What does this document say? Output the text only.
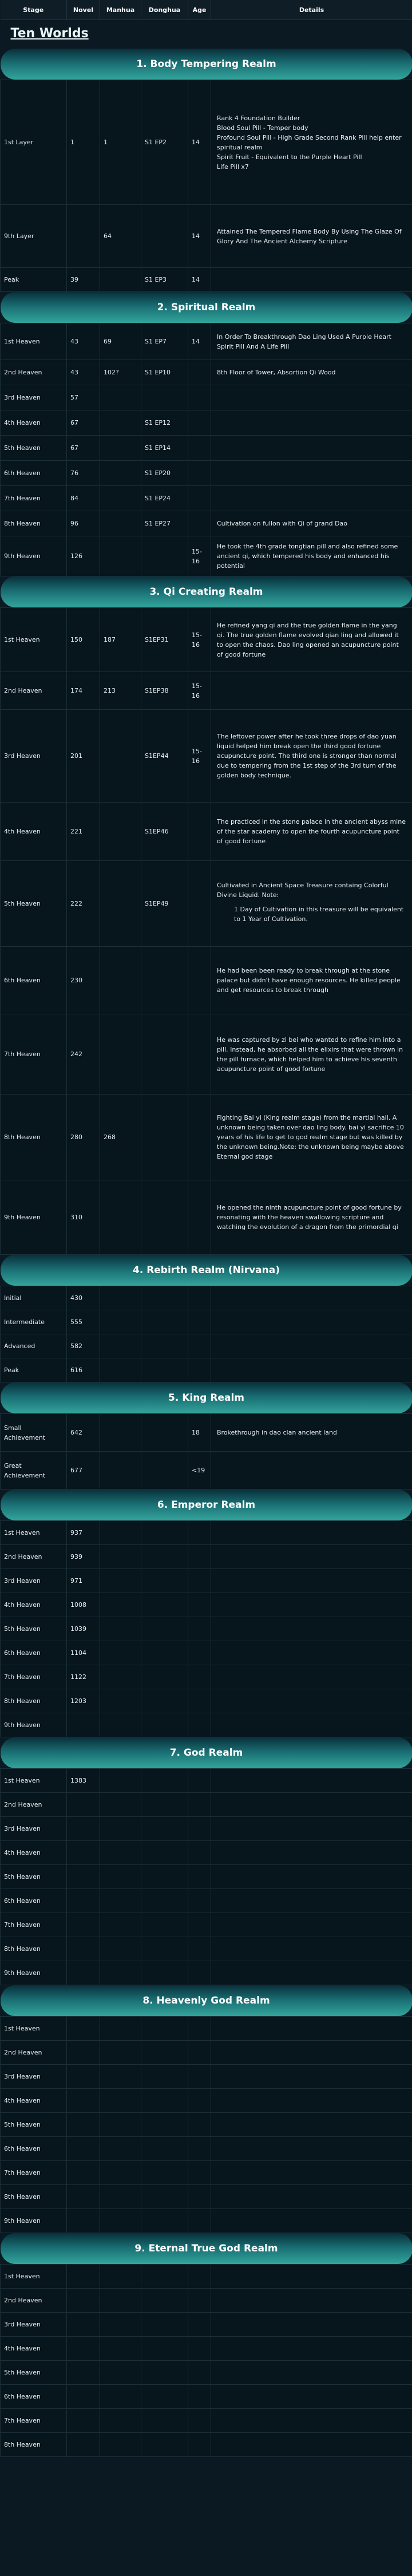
Stage	Novel	Manhua	Donghua	Age	Details
Ten Worlds					

1. Body Tempering Realm					

1st Layer	1	1	S1 EP2	14	Rank 4 Foundation Builder
Blood Soul Pill - Temper body
Profound Soul Pill - High Grade Second Rank Pill help enter spiritual realm
Spirit Fruit - Equivalent to the Purple Heart Pill
Life Pill x7

9th Layer		64		14	Attained The Tempered Flame Body By Using The Glaze Of Glory And The Ancient Alchemy Scripture

Peak	39		S1 EP3	14	

2. Spiritual Realm					

1st Heaven	43	69	S1 EP7	14	In Order To Breakthrough Dao Ling Used A Purple Heart Spirit Pill And A Life Pill

2nd Heaven	43	102?	S1 EP10		8th Floor of Tower, Absortion Qi Wood

3rd Heaven	57				
4th Heaven	67		S1 EP12		
5th Heaven	67		S1 EP14		
6th Heaven	76		S1 EP20		
7th Heaven	84		S1 EP24		
8th Heaven	96		S1 EP27		Cultivation on fullon with Qi of grand Dao

9th Heaven	126			15-16	He took the 4th grade tongtian pill and also refined some ancient qi, which tempered his body and enhanced his potential

3. Qi Creating Realm					

1st Heaven	150	187	S1EP31	15-16	He refined yang qi and the true golden flame in the yang qi. The true golden flame evolved qian ling and allowed it to open the chaos. Dao ling opened an acupuncture point of good fortune

2nd Heaven	174	213	S1EP38	15-16	
3rd Heaven	201		S1EP44	15-16	The leftover power after he took three drops of dao yuan liquid helped him break open the third good fortune acupuncture point. The third one is stronger than normal due to tempering from the 1st step of the 3rd turn of the golden body technique.

4th Heaven	221		S1EP46		The practiced in the stone palace in the ancient abyss mine of the star academy to open the fourth acupuncture point of good fortune

5th Heaven	222		S1EP49		Cultivated in Ancient Space Treasure containg Colorful Divine Liquid. Note:
1 Day of Cultivation in this treasure will be equivalent to 1 Year of Cultivation.

6th Heaven	230				He had been been ready to break through at the stone palace but didn't have enough resources. He killed people and get resources to break through

7th Heaven	242				He was captured by zi bei who wanted to refine him into a pill. Instead, he absorbed all the elixirs that were thrown in the pill furnace, which helped him to achieve his seventh acupuncture point of good fortune

8th Heaven	280	268			Fighting Bai yi (King realm stage) from the martial hall. A unknown being taken over dao ling body. bai yi sacrifice 10 years of his life to get to god realm stage but was killed by the unknown being.Note: the unknown being maybe above Eternal god stage

9th Heaven	310				He opened the ninth acupuncture point of good fortune by resonating with the heaven swallowing scripture and watching the evolution of a dragon from the primordial qi

4. Rebirth Realm (Nirvana)					

Initial	430				
Intermediate	555				
Advanced	582				
Peak	616				

5. King Realm					

Small Achievement	642			18	Brokethrough in dao clan ancient land

Great Achievement	677			<19	

6. Emperor Realm					

1st Heaven	937				
2nd Heaven	939				
3rd Heaven	971				
4th Heaven	1008				
5th Heaven	1039				
6th Heaven	1104				
7th Heaven	1122				
8th Heaven	1203				
9th Heaven					

7. God Realm					

1st Heaven	1383				
2nd Heaven					
3rd Heaven					
4th Heaven					
5th Heaven					
6th Heaven					
7th Heaven					
8th Heaven					
9th Heaven					

8. Heavenly God Realm					

1st Heaven					
2nd Heaven					
3rd Heaven					
4th Heaven					
5th Heaven					
6th Heaven					
7th Heaven					
8th Heaven					
9th Heaven					

9. Eternal True God Realm					

1st Heaven					
2nd Heaven					
3rd Heaven					
4th Heaven					
5th Heaven					
6th Heaven					
7th Heaven					
8th Heaven					
